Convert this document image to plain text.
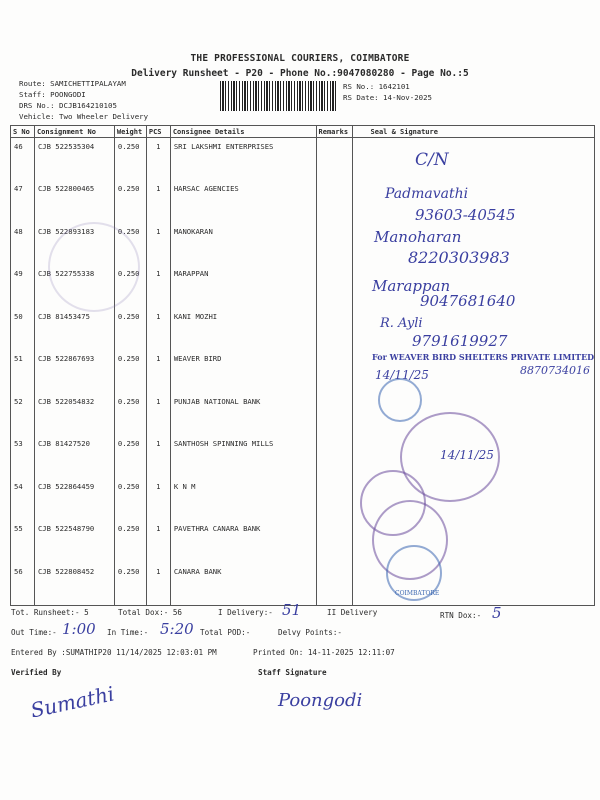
THE PROFESSIONAL COURIERS, COIMBATORE
Delivery Runsheet - P20 - Phone No.:9047080280 - Page No.:5
Route: SAMICHETTIPALAYAM
Staff: POONGODI
DRS No.: DCJB164210105
Vehicle: Two Wheeler Delivery
RS No.: 1642101
RS Date: 14-Nov-2025
S No	Consignment No	Weight	PCS	Consignee Details	Remarks	Seal & Signature
46	CJB 522535304	0.250	1	SRI LAKSHMI ENTERPRISES		
47	CJB 522800465	0.250	1	HARSAC AGENCIES		
48	CJB 522893183	0.250	1	MANOKARAN		
49	CJB 522755338	0.250	1	MARAPPAN		
50	CJB 81453475	0.250	1	KANI MOZHI		
51	CJB 522867693	0.250	1	WEAVER BIRD		
52	CJB 522054832	0.250	1	PUNJAB NATIONAL BANK		
53	CJB 81427520	0.250	1	SANTHOSH SPINNING MILLS		
54	CJB 522864459	0.250	1	K N M		
55	CJB 522548790	0.250	1	PAVETHRA CANARA BANK		
56	CJB 522808452	0.250	1	CANARA BANK		
COIMBATORE
C/N
Padmavathi
93603-40545
Manoharan
8220303983
Marappan
9047681640
R. Ayli
9791619927
For WEAVER BIRD SHELTERS PRIVATE LIMITED
14/11/25	8870734016
14/11/25
Tot. Runsheet:- 5	Total Dox:- 56	I Delivery:- 51	II Delivery	RTN Dox:- 5
Out Time:- 1:00 In Time:- 5:20 Total POD:-	Delvy Points:-
Entered By :SUMATHIP20 11/14/2025 12:03:01 PM	Printed On: 14-11-2025 12:11:07
Verified By	Staff Signature
Sumathi	Poongodi
